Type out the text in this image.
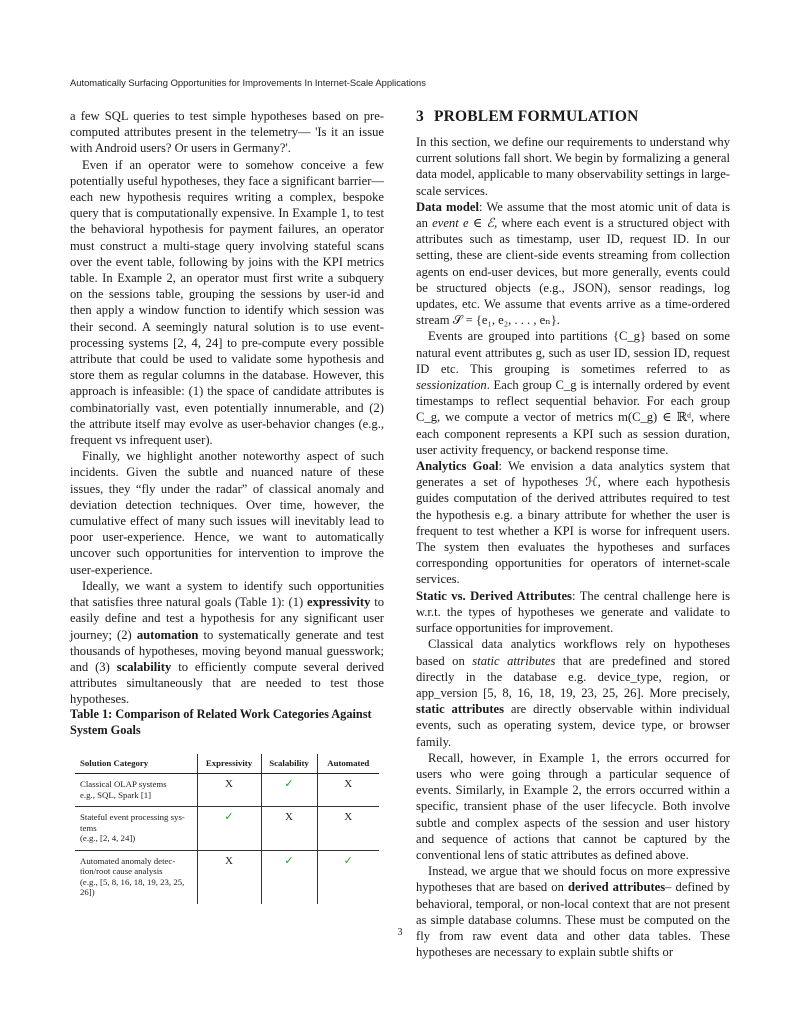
Automatically Surfacing Opportunities for Improvements In Internet-Scale Applications

a few SQL queries to test simple hypotheses based on pre-computed attributes present in the telemetry— 'Is it an issue with Android users? Or users in Germany?'.

Even if an operator were to somehow conceive a few potentially useful hypotheses, they face a significant barrier—each new hypothesis requires writing a complex, bespoke query that is computationally expensive. In Example 1, to test the behavioral hypothesis for payment failures, an operator must construct a multi-stage query involving stateful scans over the event table, following by joins with the KPI metrics table. In Example 2, an operator must first write a subquery on the sessions table, grouping the sessions by user-id and then apply a window function to identify which session was their second. A seemingly natural solution is to use event-processing systems [2, 4, 24] to pre-compute every possible attribute that could be used to validate some hypothesis and store them as regular columns in the database. However, this approach is infeasible: (1) the space of candidate attributes is combinatorially vast, even potentially innumerable, and (2) the attribute itself may evolve as user-behavior changes (e.g., frequent vs infrequent user).

Finally, we highlight another noteworthy aspect of such incidents. Given the subtle and nuanced nature of these issues, they “fly under the radar” of classical anomaly and deviation detection techniques. Over time, however, the cumulative effect of many such issues will inevitably lead to poor user-experience. Hence, we want to automatically uncover such opportunities for intervention to improve the user-experience.

Ideally, we want a system to identify such opportunities that satisfies three natural goals (Table 1): (1) expressivity to easily define and test a hypothesis for any significant user journey; (2) automation to systematically generate and test thousands of hypotheses, moving beyond manual guesswork; and (3) scalability to efficiently compute several derived attributes simultaneously that are needed to test those hypotheses.

Table 1: Comparison of Related Work Categories Against System Goals
Solution Category	Expressivity	Scalability	Automated
Classical OLAP systems
e.g., SQL, Spark [1]	X	✓	X
Stateful event processing sys-
tems
(e.g., [2, 4, 24])	✓	X	X
Automated anomaly detec-
tion/root cause analysis
(e.g., [5, 8, 16, 18, 19, 23, 25, 26])	X	✓	✓
3 PROBLEM FORMULATION

In this section, we define our requirements to understand why current solutions fall short. We begin by formalizing a general data model, applicable to many observability settings in large-scale services.

Data model: We assume that the most atomic unit of data is an event e ∈ ℰ, where each event is a structured object with attributes such as timestamp, user ID, request ID. In our setting, these are client-side events streaming from collection agents on end-user devices, but more generally, events could be structured objects (e.g., JSON), sensor readings, log updates, etc. We assume that events arrive as a time-ordered stream 𝒮 = {e₁, e₂, . . . , eₙ}.

Events are grouped into partitions {C_g} based on some natural event attributes g, such as user ID, session ID, request ID etc. This grouping is sometimes referred to as sessionization. Each group C_g is internally ordered by event timestamps to reflect sequential behavior. For each group C_g, we compute a vector of metrics m(C_g) ∈ ℝᵈ, where each component represents a KPI such as session duration, user activity frequency, or backend response time.

Analytics Goal: We envision a data analytics system that generates a set of hypotheses ℋ, where each hypothesis guides computation of the derived attributes required to test the hypothesis e.g. a binary attribute for whether the user is frequent to test whether a KPI is worse for infrequent users. The system then evaluates the hypotheses and surfaces corresponding opportunities for operators of internet-scale services.

Static vs. Derived Attributes: The central challenge here is w.r.t. the types of hypotheses we generate and validate to surface opportunities for improvement.

Classical data analytics workflows rely on hypotheses based on static attributes that are predefined and stored directly in the database e.g. device_type, region, or app_version [5, 8, 16, 18, 19, 23, 25, 26]. More precisely, static attributes are directly observable within individual events, such as operating system, device type, or browser family.

Recall, however, in Example 1, the errors occurred for users who were going through a particular sequence of events. Similarly, in Example 2, the errors occurred within a specific, transient phase of the user lifecycle. Both involve subtle and complex aspects of the session and user history and sequence of actions that cannot be captured by the conventional lens of static attributes as defined above.

Instead, we argue that we should focus on more expressive hypotheses that are based on derived attributes– defined by behavioral, temporal, or non-local context that are not present as simple database columns. These must be computed on the fly from raw event data and other data tables. These hypotheses are necessary to explain subtle shifts or

3
